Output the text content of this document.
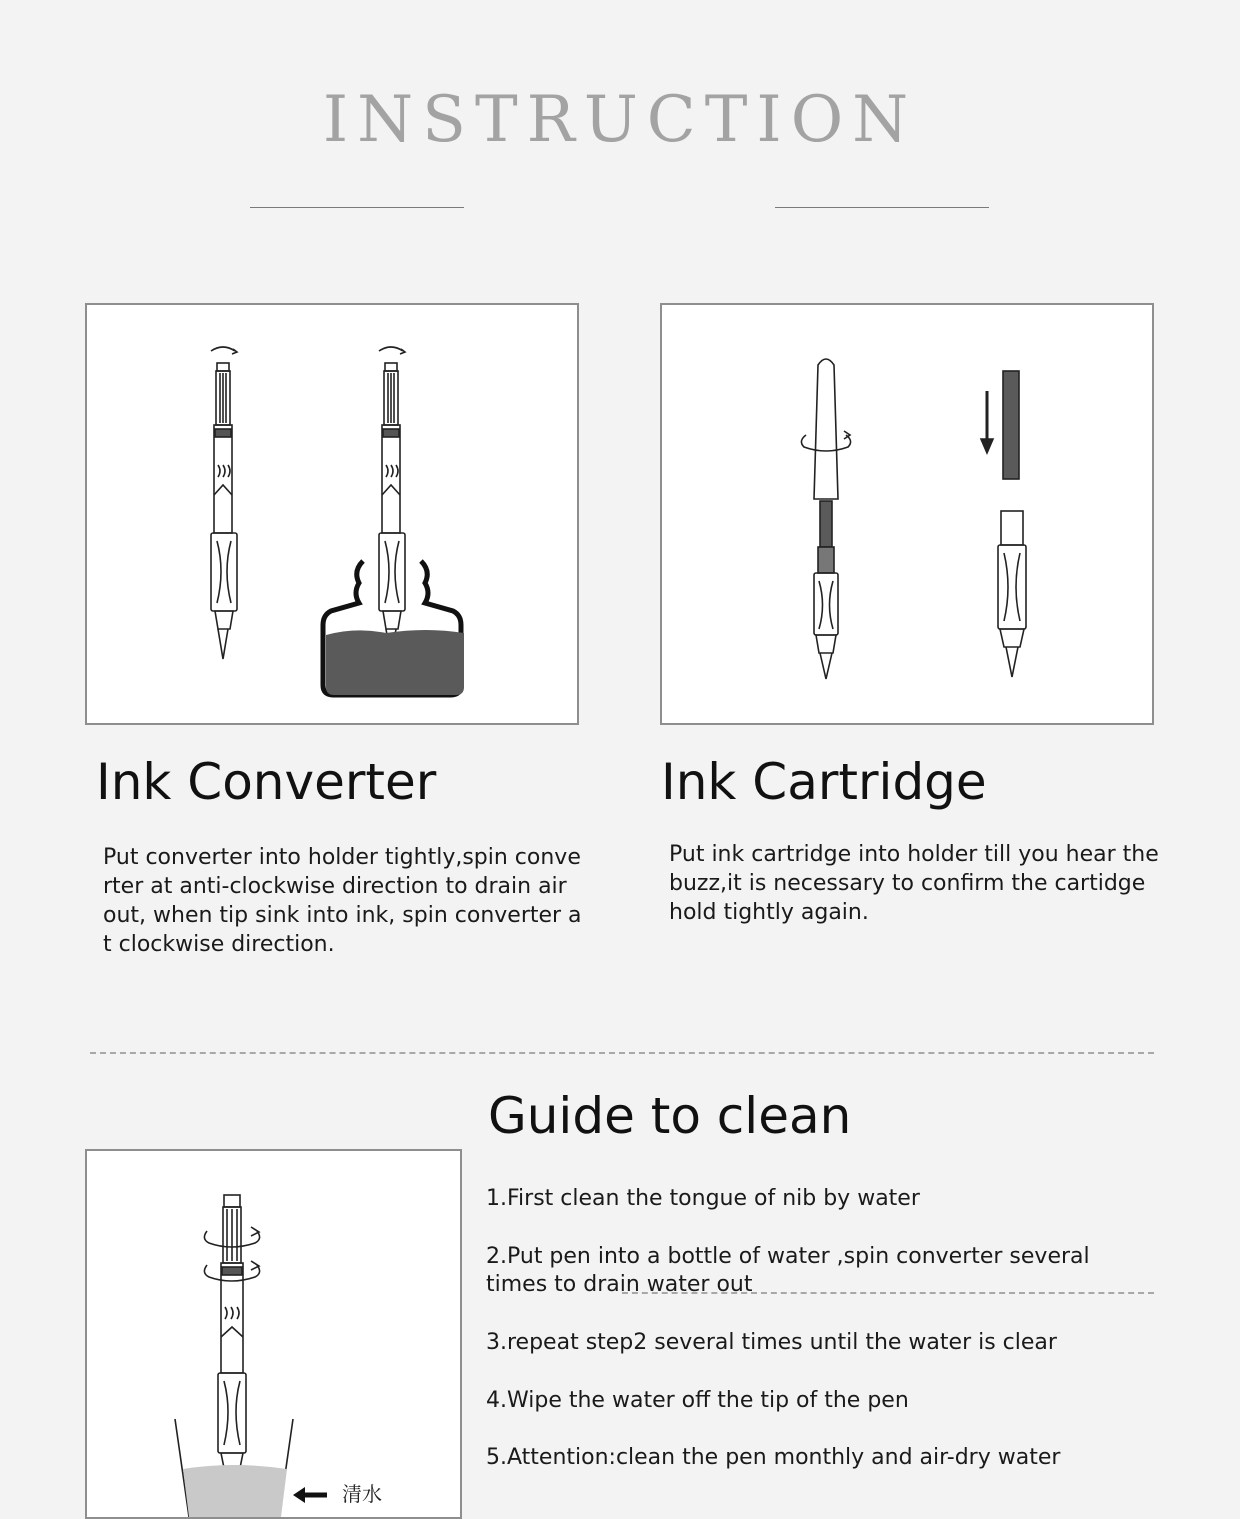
INSTRUCTION
Ink Converter
Put converter into holder tightly,spin conve
rter at anti-clockwise direction to drain air
out, when tip sink into ink, spin converter a
t clockwise direction.
Ink Cartridge
Put ink cartridge into holder till you hear the
buzz,it is necessary to confirm the cartidge
hold tightly again.
Guide to clean
清水
1.First clean the tongue of nib by water
2.Put pen into a bottle of water ,spin converter several
times to drain water out
3.repeat step2 several times until the water is clear
4.Wipe the water off the tip of the pen
5.Attention:clean the pen monthly and air-dry water
